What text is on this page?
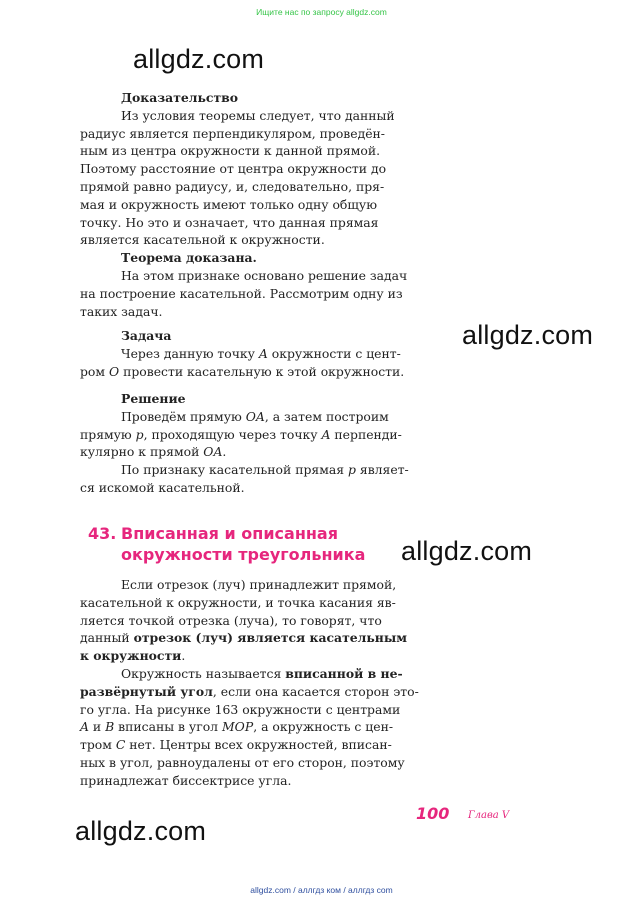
Ищите нас по запросу allgdz.com
allgdz.com
allgdz.com
allgdz.com
allgdz.com

Доказательство

Из условия теоремы следует, что данный

радиус является перпендикуляром, проведён-

ным из центра окружности к данной прямой.

Поэтому расстояние от центра окружности до

прямой равно радиусу, и, следовательно, пря-

мая и окружность имеют только одну общую

точку. Но это и означает, что данная прямая

является касательной к окружности.

Теорема доказана.

На этом признаке основано решение задач

на построение касательной. Рассмотрим одну из

таких задач.

Задача

Через данную точку A окружности с цент-

ром O провести касательную к этой окружности.

Решение

Проведём прямую OA, а затем построим

прямую p, проходящую через точку A перпенди-

кулярно к прямой OA.

По признаку касательной прямая p являет-

ся искомой касательной.

43. Вписанная и описанная
окружности треугольника

Если отрезок (луч) принадлежит прямой,

касательной к окружности, и точка касания яв-

ляется точкой отрезка (луча), то говорят, что

данный отрезок (луч) является касательным

к окружности.

Окружность называется вписанной в не-

развёрнутый угол, если она касается сторон это-

го угла. На рисунке 163 окружности с центрами

A и B вписаны в угол MOP, а окружность с цен-

тром C нет. Центры всех окружностей, вписан-

ных в угол, равноудалены от его сторон, поэтому

принадлежат биссектрисе угла.

100 Глава V
allgdz.com / аллгдз ком / аллгдз com
